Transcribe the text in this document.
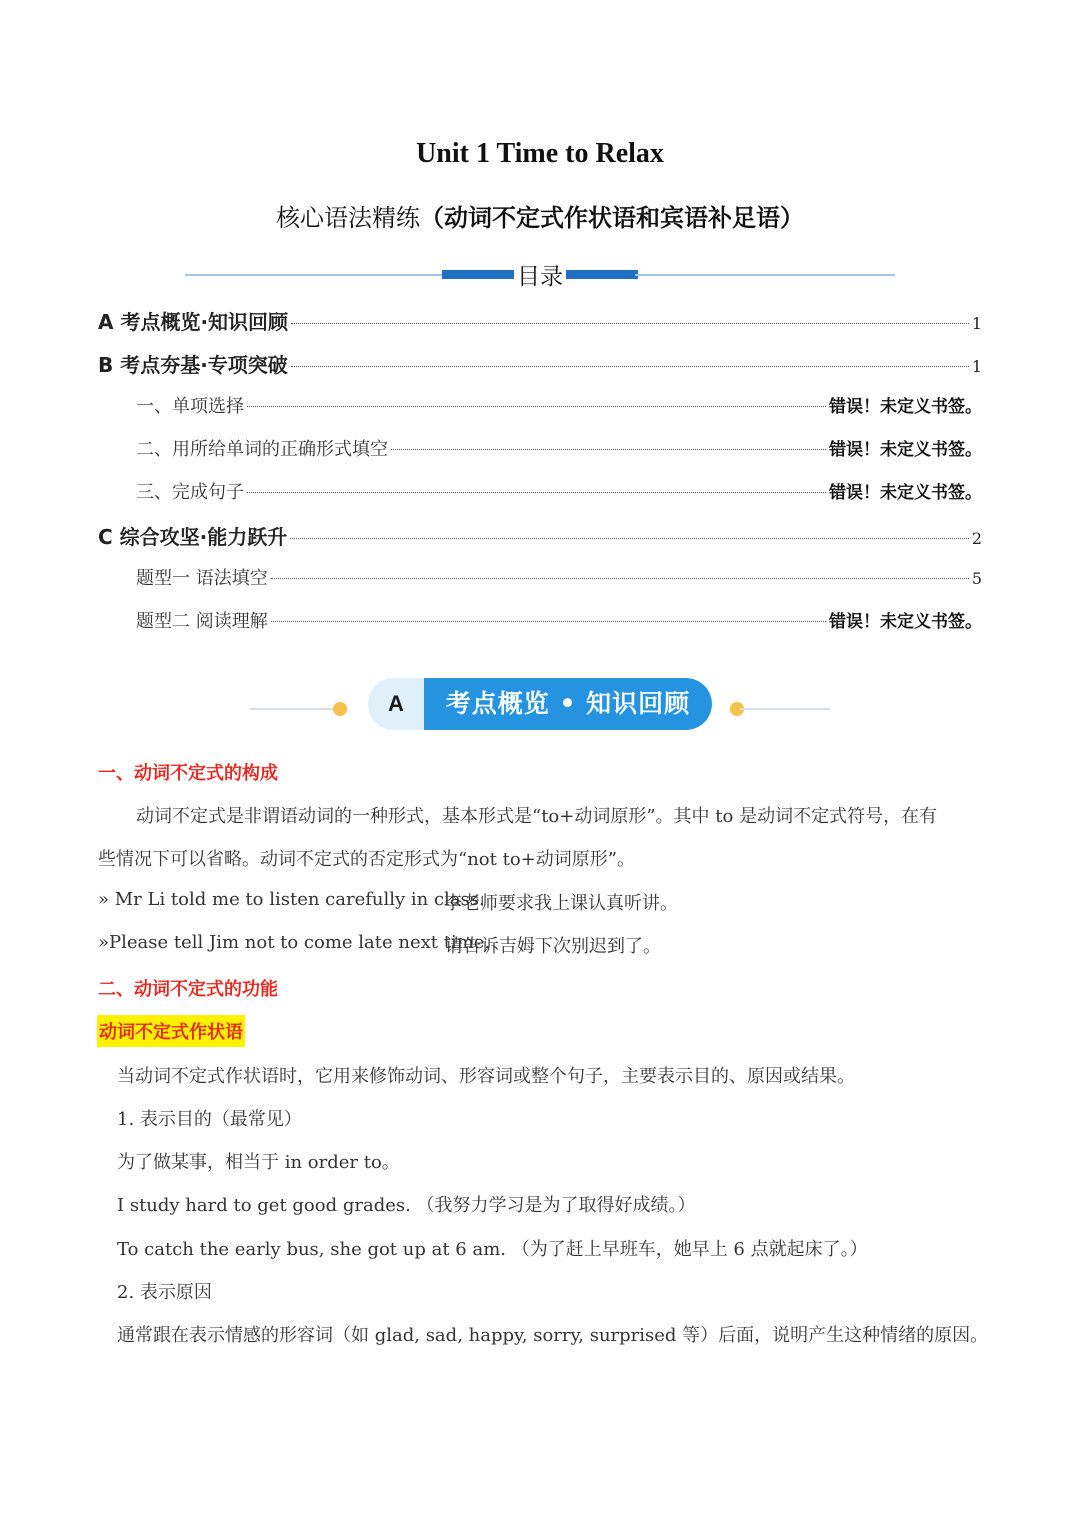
Unit 1 Time to Relax
核心语法精练（动词不定式作状语和宾语补足语）
目录
A 考点概览·知识回顾	1
B 考点夯基·专项突破	1
一、单项选择	错误！未定义书签。
二、用所给单词的正确形式填空	错误！未定义书签。
三、完成句子	错误！未定义书签。
C 综合攻坚·能力跃升	2
题型一 语法填空	5
题型二 阅读理解	错误！未定义书签。
A	考点概览 • 知识回顾
一、动词不定式的构成
动词不定式是非谓语动词的一种形式，基本形式是“to+动词原形”。其中 to 是动词不定式符号，在有
些情况下可以省略。动词不定式的否定形式为“not to+动词原形”。
» Mr Li told me to listen carefully in class.
李老师要求我上课认真听讲。
»Please tell Jim not to come late next time.
请告诉吉姆下次别迟到了。
二、动词不定式的功能
动词不定式作状语
当动词不定式作状语时，它用来修饰动词、形容词或整个句子，主要表示目的、原因或结果。
1. 表示目的（最常见）
为了做某事，相当于 in order to。
I study hard to get good grades. （我努力学习是为了取得好成绩。）
To catch the early bus, she got up at 6 am. （为了赶上早班车，她早上 6 点就起床了。）
2. 表示原因
通常跟在表示情感的形容词（如 glad, sad, happy, sorry, surprised 等）后面，说明产生这种情绪的原因。
